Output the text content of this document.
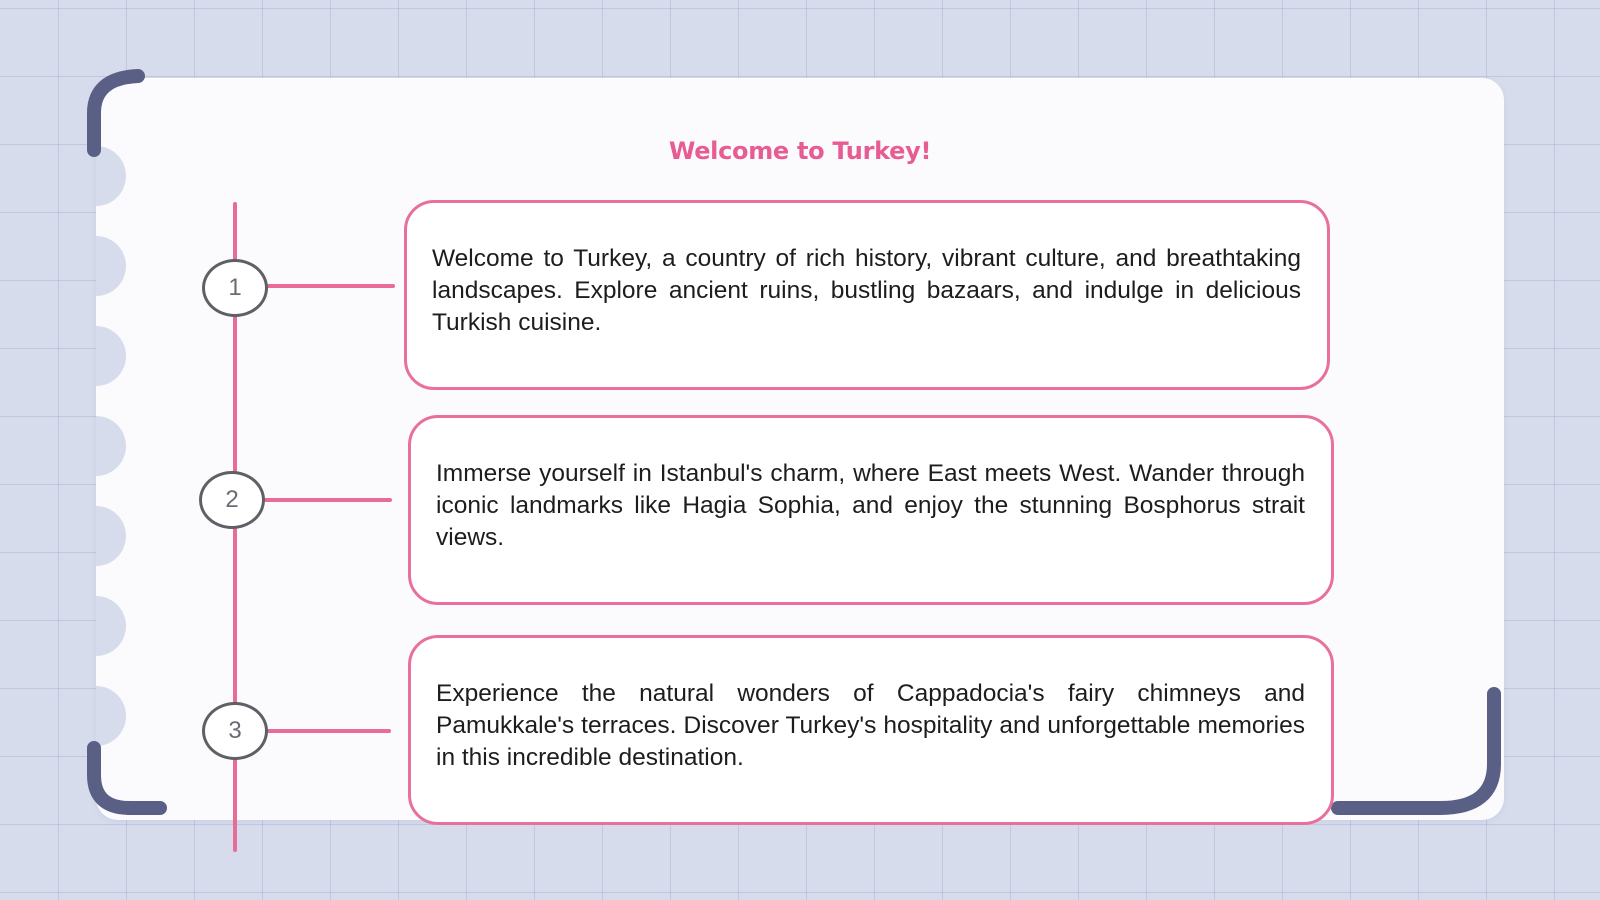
Welcome to Turkey!
1
2
3

Welcome to Turkey, a country of rich history, vibrant culture, and breathtaking landscapes. Explore ancient ruins, bustling bazaars, and indulge in delicious Turkish cuisine.

Immerse yourself in Istanbul's charm, where East meets West. Wander through iconic landmarks like Hagia Sophia, and enjoy the stunning Bosphorus strait views.

Experience the natural wonders of Cappadocia's fairy chimneys and Pamukkale's terraces. Discover Turkey's hospitality and unforgettable memories in this incredible destination.
